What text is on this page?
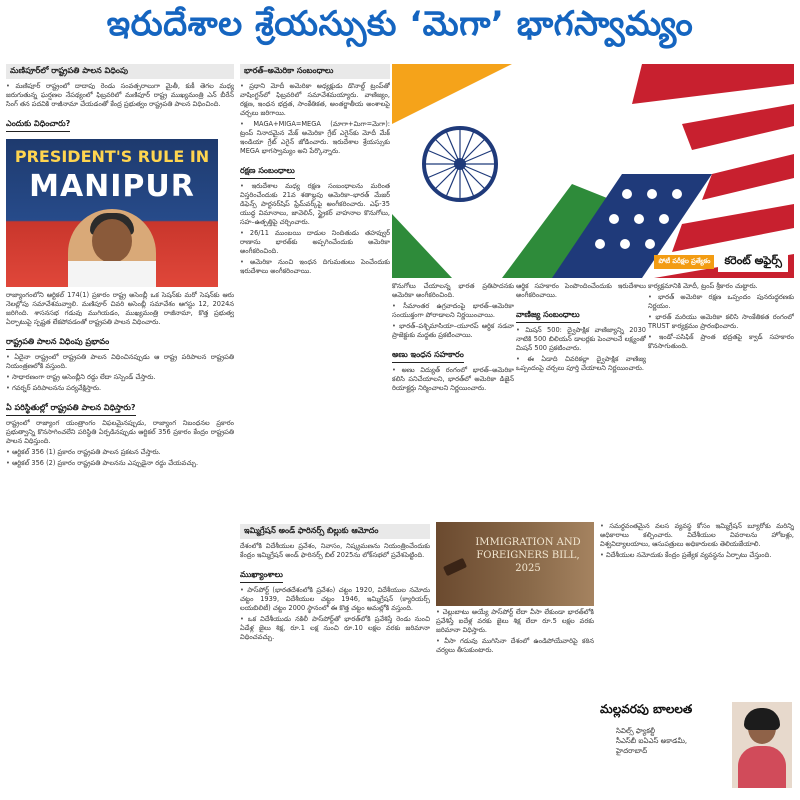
ఇరుదేశాల శ్రేయస్సుకు ‘మెగా’ భాగస్వామ్యం
మణిపూర్‌లో రాష్ట్రపతి పాలన విధింపు

• మణిపూర్ రాష్ట్రంలో దాదాపు రెండు సంవత్సరాలుగా మైతీ, కుకీ తెగల మధ్య జరుగుతున్న ఘర్షణల నేపథ్యంలో ఫిబ్రవరిలో మణిపూర్ రాష్ట్ర ముఖ్యమంత్రి ఎన్ బీరేన్ సింగ్ తన పదవికి రాజీనామా చేయడంతో కేంద్ర ప్రభుత్వం రాష్ట్రపతి పాలన విధించింది.

ఎందుకు విధించారు?
PRESIDENT'S RULE IN
MANIPUR

రాజ్యాంగంలోని ఆర్టికల్ 174(1) ప్రకారం రాష్ట్ర అసెంబ్లీ ఒక సెషన్‌కు మరో సెషన్‌కు ఆరు నెలల్లోపు సమావేశమవ్వాలి. మణిపూర్ చివరి అసెంబ్లీ సమావేశం ఆగస్టు 12, 2024న జరిగింది. శాసనసభ గడువు ముగియడం, ముఖ్యమంత్రి రాజీనామా, కొత్త ప్రభుత్వ ఏర్పాటుపై స్పష్టత లేకపోవడంతో రాష్ట్రపతి పాలన విధించారు.

రాష్ట్రపతి పాలన విధింపు ప్రభావం

• ఏదైనా రాష్ట్రంలో రాష్ట్రపతి పాలన విధించినప్పుడు ఆ రాష్ట్ర పరిపాలన రాష్ట్రపతి నియంత్రణలోకి వస్తుంది.

• సాధారణంగా రాష్ట్ర అసెంబ్లీని రద్దు లేదా సస్పెండ్ చేస్తారు.

• గవర్నర్ పరిపాలనను పర్యవేక్షిస్తారు.

ఏ పరిస్థితుల్లో రాష్ట్రపతి పాలన విధిస్తారు?

రాష్ట్రంలో రాజ్యాంగ యంత్రాంగం విఫలమైనప్పుడు, రాజ్యాంగ నిబంధనల ప్రకారం ప్రభుత్వాన్ని కొనసాగించలేని పరిస్థితి ఏర్పడినప్పుడు ఆర్టికల్ 356 ప్రకారం కేంద్రం రాష్ట్రపతి పాలన విధిస్తుంది.

• ఆర్టికల్ 356 (1) ప్రకారం రాష్ట్రపతి పాలన ప్రకటన చేస్తారు.

• ఆర్టికల్ 356 (2) ప్రకారం రాష్ట్రపతి పాలనను ఎప్పుడైనా రద్దు చేయవచ్చు.

భారత్–అమెరికా సంబంధాలు

• ప్రధాని మోదీ అమెరికా అధ్యక్షుడు డొనాల్డ్ ట్రంప్‌తో వాషింగ్టన్‌లో ఫిబ్రవరిలో సమావేశమయ్యారు. వాణిజ్యం, రక్షణ, ఇంధన భద్రత, సాంకేతికత, అంతర్జాతీయ అంశాలపై చర్చలు జరిగాయి.

• MAGA+MIGA=MEGA (మాగా+మిగా=మెగా): ట్రంప్ నినాదమైన మేక్ అమెరికా గ్రేట్ ఎగైన్‌కు మోదీ మేక్ ఇండియా గ్రేట్ ఎగైన్ జోడించారు. ఇరుదేశాల శ్రేయస్సుకు MEGA భాగస్వామ్యం అని పేర్కొన్నారు.

రక్షణ సంబంధాలు

• ఇరుదేశాల మధ్య రక్షణ సంబంధాలను మరింత విస్తరించేందుకు 21వ శతాబ్దపు అమెరికా–భారత్ మేజర్ డిఫెన్స్ పార్టనర్‌షిప్ ఫ్రేమ్‌వర్క్‌పై అంగీకరించారు. ఎఫ్‑35 యుద్ధ విమానాలు, జావెలిన్, స్ట్రైకర్ వాహనాల కొనుగోలు, సహ–ఉత్పత్తిపై చర్చించారు.

• 26/11 ముంబయి దాడుల నిందితుడు తహవ్వుర్ రాణాను భారత్‌కు అప్పగించేందుకు అమెరికా అంగీకరించింది.

• అమెరికా నుంచి ఇంధన దిగుమతులు పెంచేందుకు ఇరుదేశాలు అంగీకరించాయి.

పోటీ పరీక్షల ప్రత్యేకం	కరెంట్ అఫైర్స్

కొనుగోలు చేయాలన్న భారత ప్రతిపాదనకు అమెరికా అంగీకరించింది.

• సీమాంతర ఉగ్రవాదంపై భారత్–అమెరికా సంయుక్తంగా పోరాడాలని నిర్ణయించాయి.

• భారత్–పశ్చిమాసియా–యూరప్ ఆర్థిక నడవా ప్రాజెక్టుకు మద్దతు ప్రకటించాయి.

అణు ఇంధన సహకారం

• అణు విద్యుత్ రంగంలో భారత్–అమెరికా కలిసి పనిచేయాలని, భారత్‌లో అమెరికా డిజైన్ రియాక్టర్లు నిర్మించాలని నిర్ణయించారు.

ఆర్థిక సహకారం పెంపొందించేందుకు ఇరుదేశాలు అంగీకరించాయి.

వాణిజ్య సంబంధాలు

• మిషన్ 500: ద్వైపాక్షిక వాణిజ్యాన్ని 2030 నాటికి 500 బిలియన్ డాలర్లకు పెంచాలనే లక్ష్యంతో మిషన్ 500 ప్రకటించారు.

• ఈ ఏడాది చివరికల్లా ద్వైపాక్షిక వాణిజ్య ఒప్పందంపై చర్చలు పూర్తి చేయాలని నిర్ణయించారు.

కార్యక్రమానికి మోదీ, ట్రంప్ శ్రీకారం చుట్టారు.

• భారత్ అమెరికా రక్షణ ఒప్పందం పునరుద్ధరణకు నిర్ణయం.

• భారత్ మరియు అమెరికా కలిసి సాంకేతికత రంగంలో TRUST కార్యక్రమం ప్రారంభించారు.

• ఇండో–పసిఫిక్ ప్రాంత భద్రతపై క్వాడ్ సహకారం కొనసాగుతుంది.

ఇమ్మిగ్రేషన్ అండ్ ఫారినర్స్ బిల్లుకు ఆమోదం

దేశంలోకి విదేశీయుల ప్రవేశం, నివాసం, నిష్క్రమణను నియంత్రించేందుకు కేంద్రం ఇమ్మిగ్రేషన్ అండ్ ఫారినర్స్ బిల్ 2025ను లోక్‌సభలో ప్రవేశపెట్టింది.

ముఖ్యాంశాలు

• పాస్‌పోర్ట్ (భారతదేశంలోకి ప్రవేశం) చట్టం 1920, విదేశీయుల నమోదు చట్టం 1939, విదేశీయుల చట్టం 1946, ఇమ్మిగ్రేషన్ (క్యారియర్స్ లయబిలిటీ) చట్టం 2000 స్థానంలో ఈ కొత్త చట్టం అమల్లోకి వస్తుంది.

• ఒక విదేశీయుడు నకిలీ పాస్‌పోర్ట్‌తో భారత్‌లోకి ప్రవేశిస్తే రెండు నుంచి ఏడేళ్ల జైలు శిక్ష, రూ.1 లక్ష నుంచి రూ.10 లక్షల వరకు జరిమానా విధించవచ్చు.

IMMIGRATION AND FOREIGNERS BILL, 2025

• చెల్లుబాటు అయ్యే పాస్‌పోర్ట్ లేదా వీసా లేకుండా భారత్‌లోకి ప్రవేశిస్తే ఐదేళ్ల వరకు జైలు శిక్ష లేదా రూ.5 లక్షల వరకు జరిమానా విధిస్తారు.

• వీసా గడువు ముగిసినా దేశంలో ఉండిపోయేవారిపై కఠిన చర్యలు తీసుకుంటారు.

• సమర్థవంతమైన వలస వ్యవస్థ కోసం ఇమ్మిగ్రేషన్ బ్యూరోకు మరిన్ని అధికారాలు కల్పించారు. విదేశీయుల వివరాలను హోటళ్లు, విశ్వవిద్యాలయాలు, ఆసుపత్రులు అధికారులకు తెలియజేయాలి.

• విదేశీయుల నమోదుకు కేంద్రం ప్రత్యేక వ్యవస్థను ఏర్పాటు చేస్తుంది.

మల్లవరపు బాలలత
సివిల్స్ ఫ్యాకల్టీ
సీఎస్‌బీ ఐఏఎస్ అకాడమీ,
హైదరాబాద్
